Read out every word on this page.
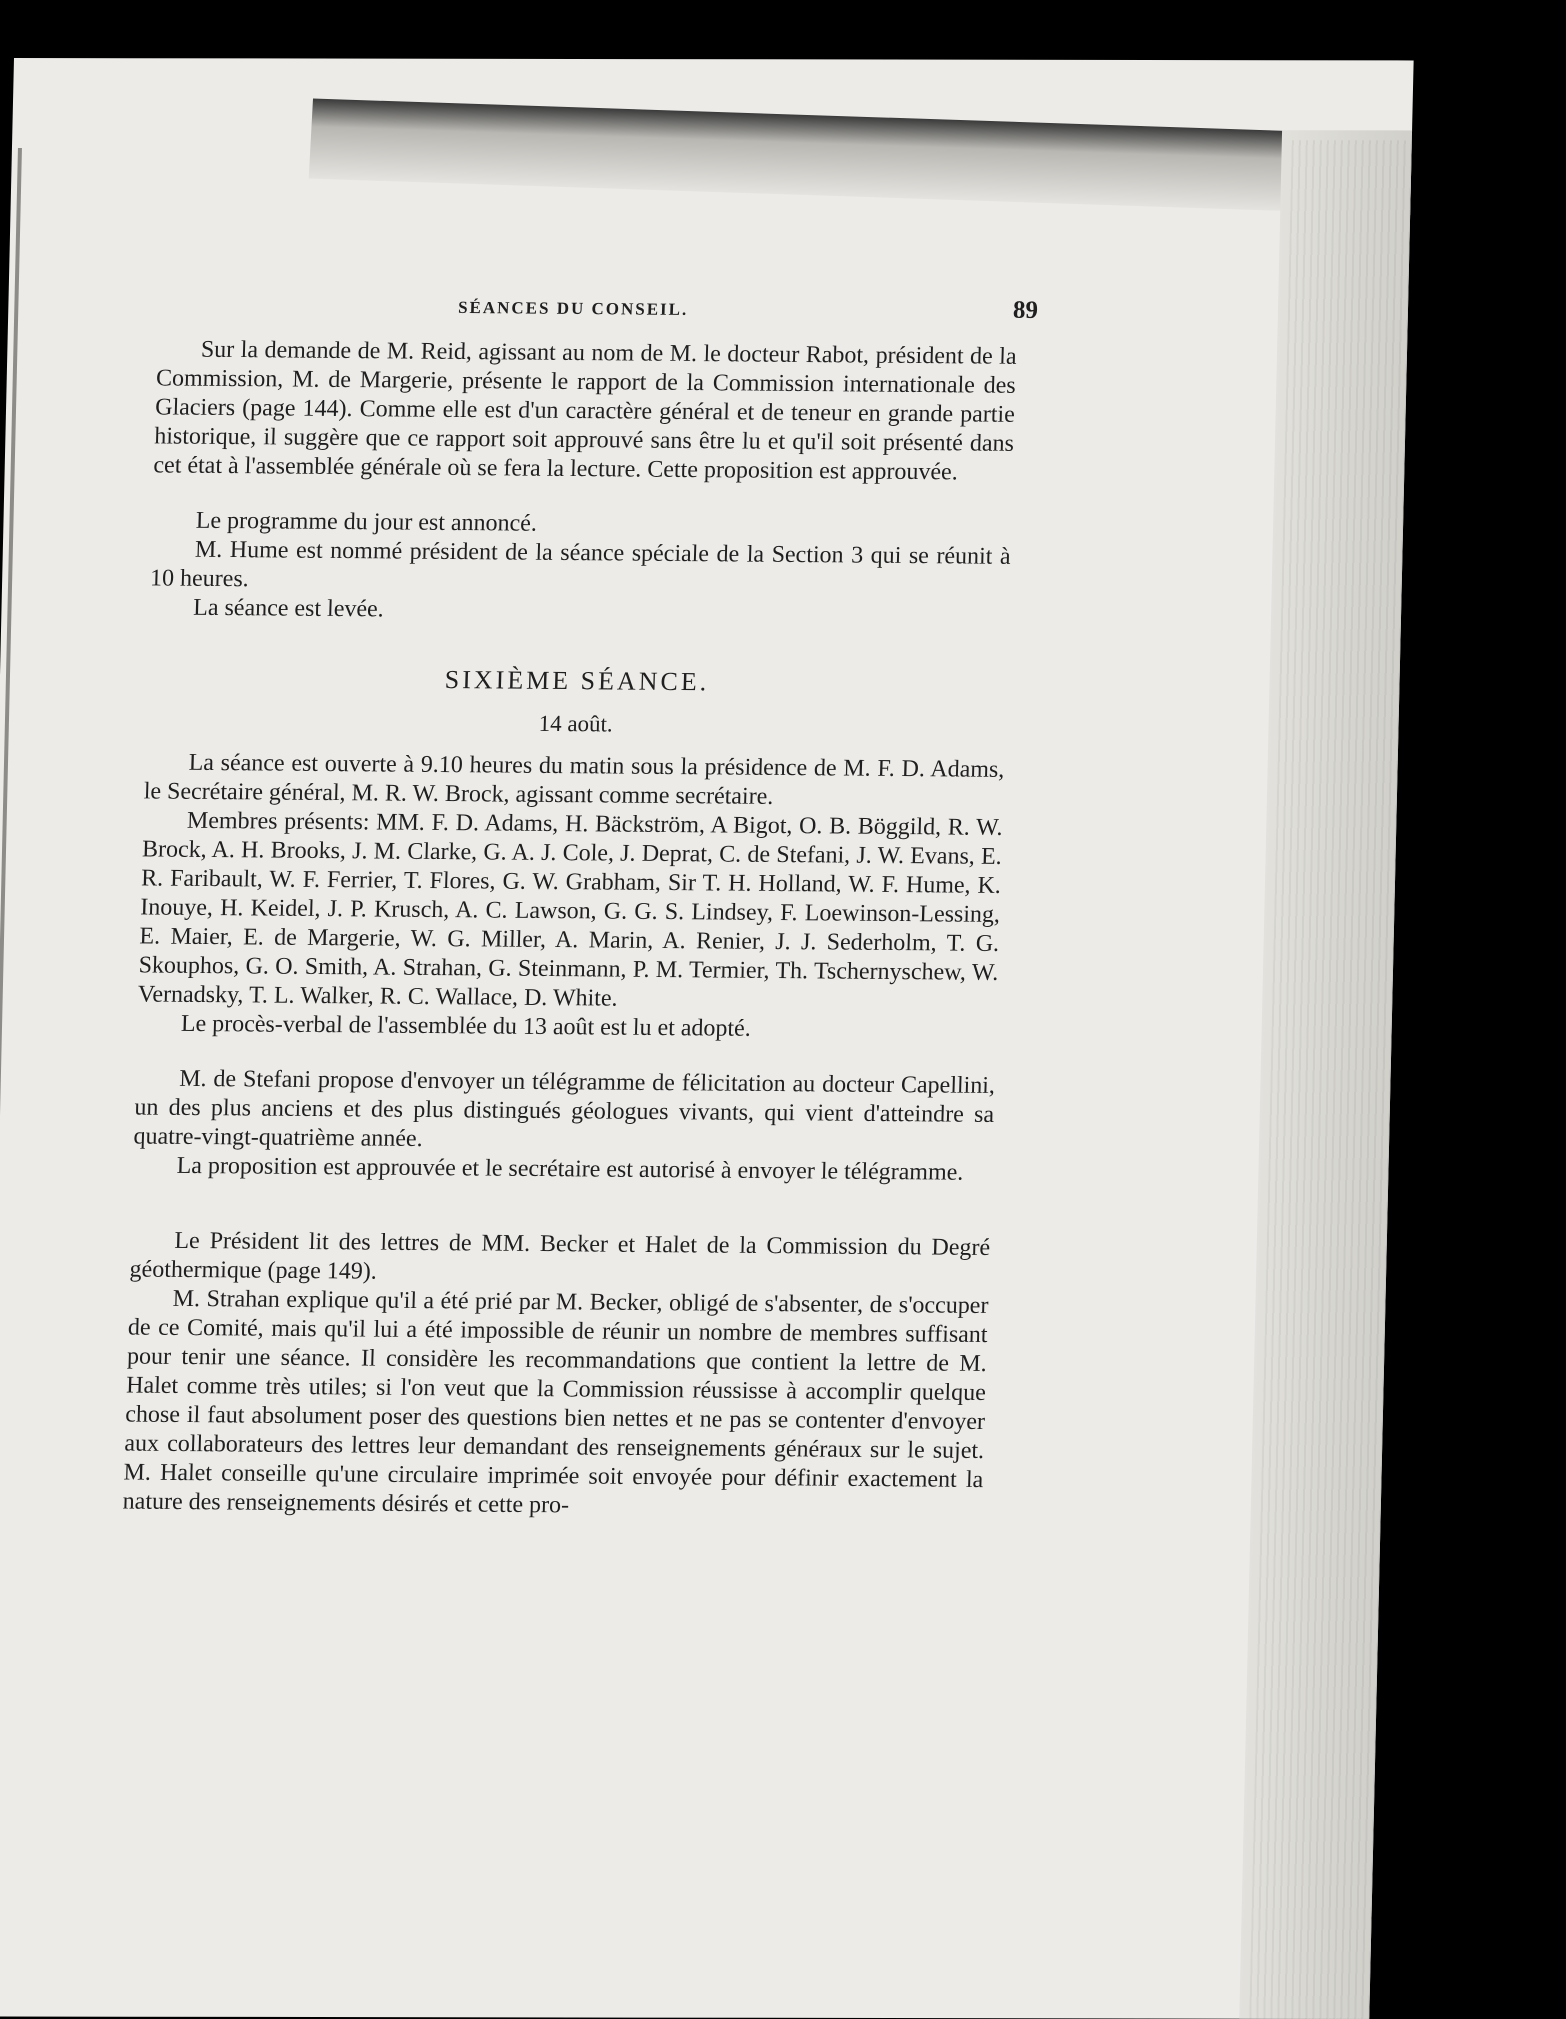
SÉANCES DU CONSEIL.	89

Sur la demande de M. Reid, agissant au nom de M. le docteur Rabot, président de la Commission, M. de Margerie, présente le rapport de la Commission internationale des Glaciers (page 144). Comme elle est d'un caractère général et de teneur en grande partie historique, il suggère que ce rapport soit approuvé sans être lu et qu'il soit présenté dans cet état à l'assemblée générale où se fera la lecture. Cette proposition est approuvée.

Le programme du jour est annoncé.

M. Hume est nommé président de la séance spéciale de la Section 3 qui se réunit à 10 heures.

La séance est levée.

SIXIÈME SÉANCE.
14 août.

La séance est ouverte à 9.10 heures du matin sous la présidence de M. F. D. Adams, le Secrétaire général, M. R. W. Brock, agissant comme secrétaire.

Membres présents: MM. F. D. Adams, H. Bäckström, A Bigot, O. B. Böggild, R. W. Brock, A. H. Brooks, J. M. Clarke, G. A. J. Cole, J. Deprat, C. de Stefani, J. W. Evans, E. R. Faribault, W. F. Ferrier, T. Flores, G. W. Grabham, Sir T. H. Holland, W. F. Hume, K. Inouye, H. Keidel, J. P. Krusch, A. C. Lawson, G. G. S. Lindsey, F. Loewinson-Lessing, E. Maier, E. de Margerie, W. G. Miller, A. Marin, A. Renier, J. J. Sederholm, T. G. Skouphos, G. O. Smith, A. Strahan, G. Steinmann, P. M. Termier, Th. Tschernyschew, W. Vernadsky, T. L. Walker, R. C. Wallace, D. White.

Le procès-verbal de l'assemblée du 13 août est lu et adopté.

M. de Stefani propose d'envoyer un télégramme de félicitation au docteur Capellini, un des plus anciens et des plus distingués géologues vivants, qui vient d'atteindre sa quatre-vingt-quatrième année.

La proposition est approuvée et le secrétaire est autorisé à envoyer le télégramme.

Le Président lit des lettres de MM. Becker et Halet de la Commission du Degré géothermique (page 149).

M. Strahan explique qu'il a été prié par M. Becker, obligé de s'absenter, de s'occuper de ce Comité, mais qu'il lui a été impossible de réunir un nombre de membres suffisant pour tenir une séance. Il considère les recommandations que contient la lettre de M. Halet comme très utiles; si l'on veut que la Commission réussisse à accomplir quelque chose il faut absolument poser des questions bien nettes et ne pas se contenter d'envoyer aux collaborateurs des lettres leur demandant des renseignements généraux sur le sujet. M. Halet conseille qu'une circulaire imprimée soit envoyée pour définir exactement la nature des renseignements désirés et cette pro-
